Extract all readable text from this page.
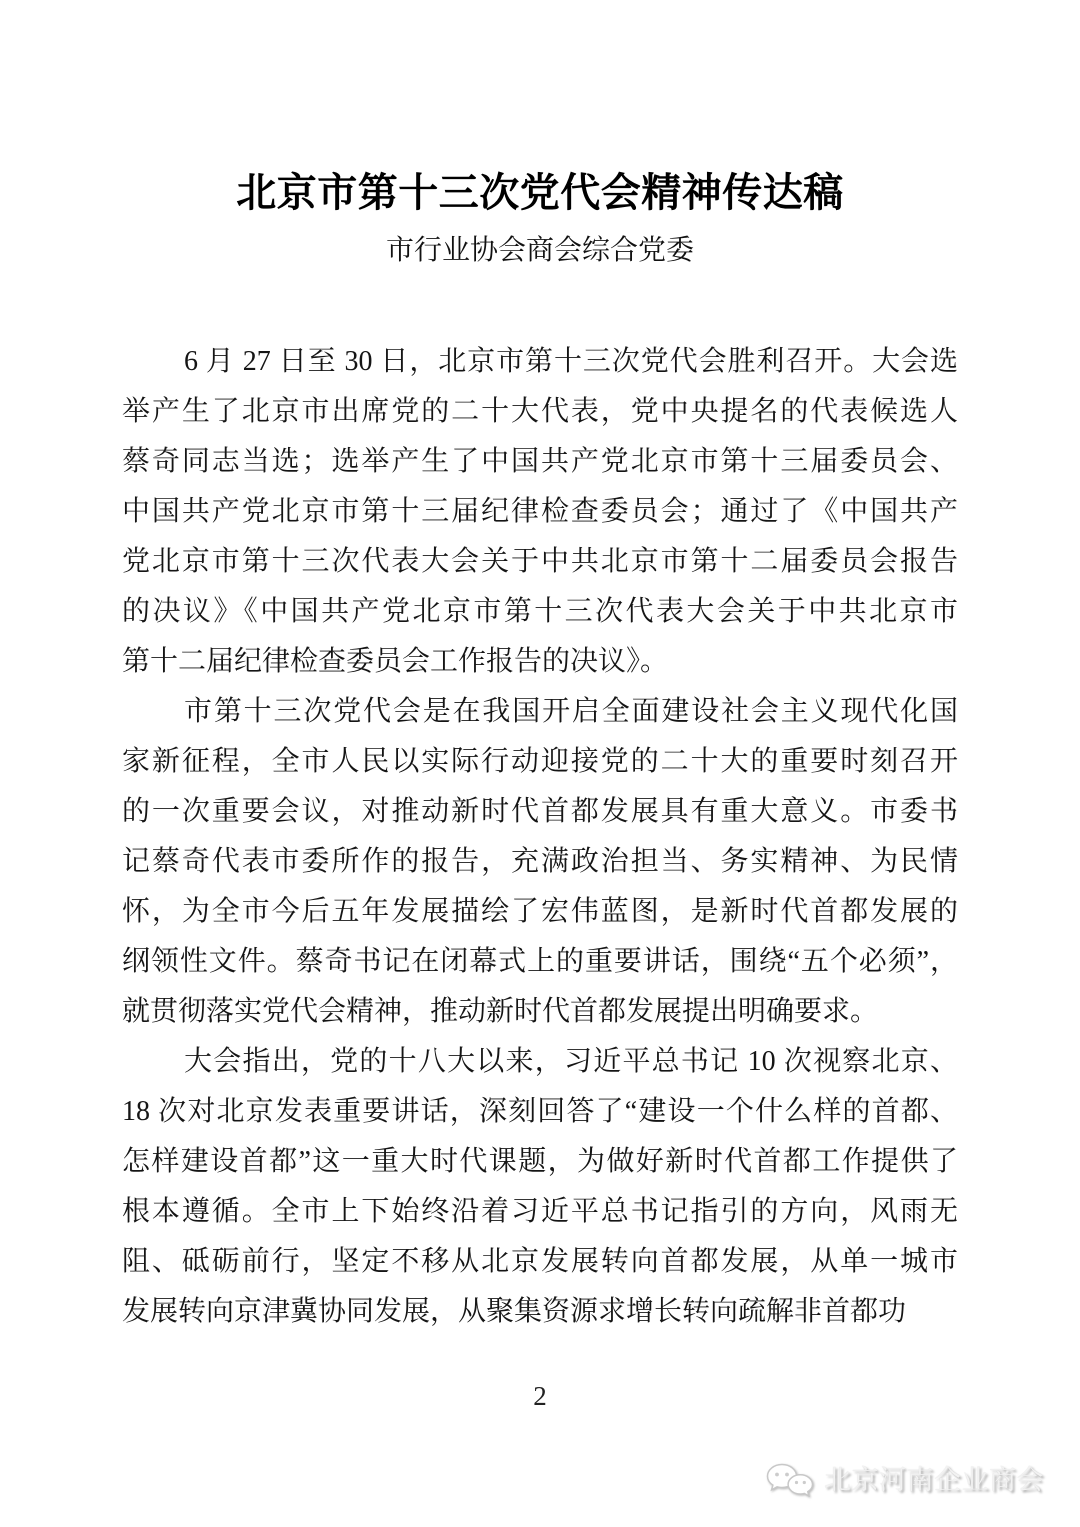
北京市第十三次党代会精神传达稿
市行业协会商会综合党委
6 月 27 日至 30 日，北京市第十三次党代会胜利召开。大会选
举产生了北京市出席党的二十大代表，党中央提名的代表候选人
蔡奇同志当选；选举产生了中国共产党北京市第十三届委员会、
中国共产党北京市第十三届纪律检查委员会；通过了《中国共产
党北京市第十三次代表大会关于中共北京市第十二届委员会报告
的决议》《中国共产党北京市第十三次代表大会关于中共北京市
第十二届纪律检查委员会工作报告的决议》。
市第十三次党代会是在我国开启全面建设社会主义现代化国
家新征程，全市人民以实际行动迎接党的二十大的重要时刻召开
的一次重要会议，对推动新时代首都发展具有重大意义。市委书
记蔡奇代表市委所作的报告，充满政治担当、务实精神、为民情
怀，为全市今后五年发展描绘了宏伟蓝图，是新时代首都发展的
纲领性文件。蔡奇书记在闭幕式上的重要讲话，围绕“五个必须”，
就贯彻落实党代会精神，推动新时代首都发展提出明确要求。
大会指出，党的十八大以来，习近平总书记 10 次视察北京、
18 次对北京发表重要讲话，深刻回答了“建设一个什么样的首都、
怎样建设首都”这一重大时代课题，为做好新时代首都工作提供了
根本遵循。全市上下始终沿着习近平总书记指引的方向，风雨无
阻、砥砺前行，坚定不移从北京发展转向首都发展，从单一城市
发展转向京津冀协同发展，从聚集资源求增长转向疏解非首都功
2
北京河南企业商会
